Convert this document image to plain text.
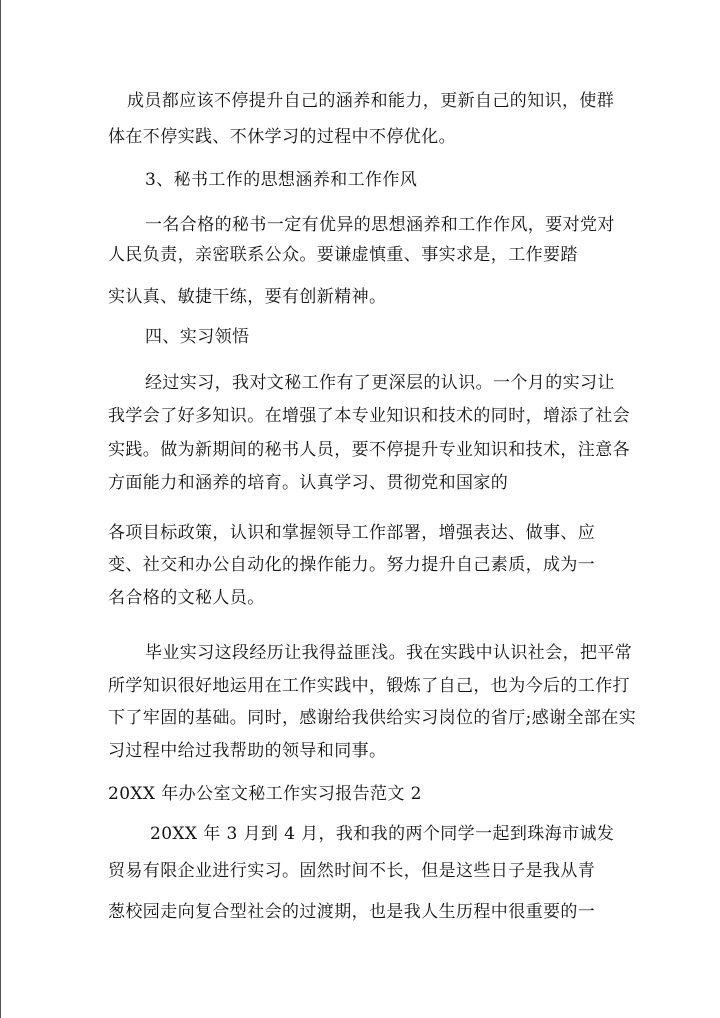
成员都应该不停提升自己的涵养和能力，更新自己的知识，使群
体在不停实践、不休学习的过程中不停优化。
3、秘书工作的思想涵养和工作作风
一名合格的秘书一定有优异的思想涵养和工作作风，要对党对
人民负责，亲密联系公众。要谦虚慎重、事实求是，工作要踏
实认真、敏捷干练，要有创新精神。
四、实习领悟
经过实习，我对文秘工作有了更深层的认识。一个月的实习让
我学会了好多知识。在增强了本专业知识和技术的同时，增添了社会
实践。做为新期间的秘书人员，要不停提升专业知识和技术，注意各
方面能力和涵养的培育。认真学习、贯彻党和国家的
各项目标政策，认识和掌握领导工作部署，增强表达、做事、应
变、社交和办公自动化的操作能力。努力提升自己素质，成为一
名合格的文秘人员。
毕业实习这段经历让我得益匪浅。我在实践中认识社会，把平常
所学知识很好地运用在工作实践中，锻炼了自己，也为今后的工作打
下了牢固的基础。同时，感谢给我供给实习岗位的省厅;感谢全部在实
习过程中给过我帮助的领导和同事。
20XX 年办公室文秘工作实习报告范文 2
20XX 年 3 月到 4 月，我和我的两个同学一起到珠海市诚发
贸易有限企业进行实习。固然时间不长，但是这些日子是我从青
葱校园走向复合型社会的过渡期，也是我人生历程中很重要的一
